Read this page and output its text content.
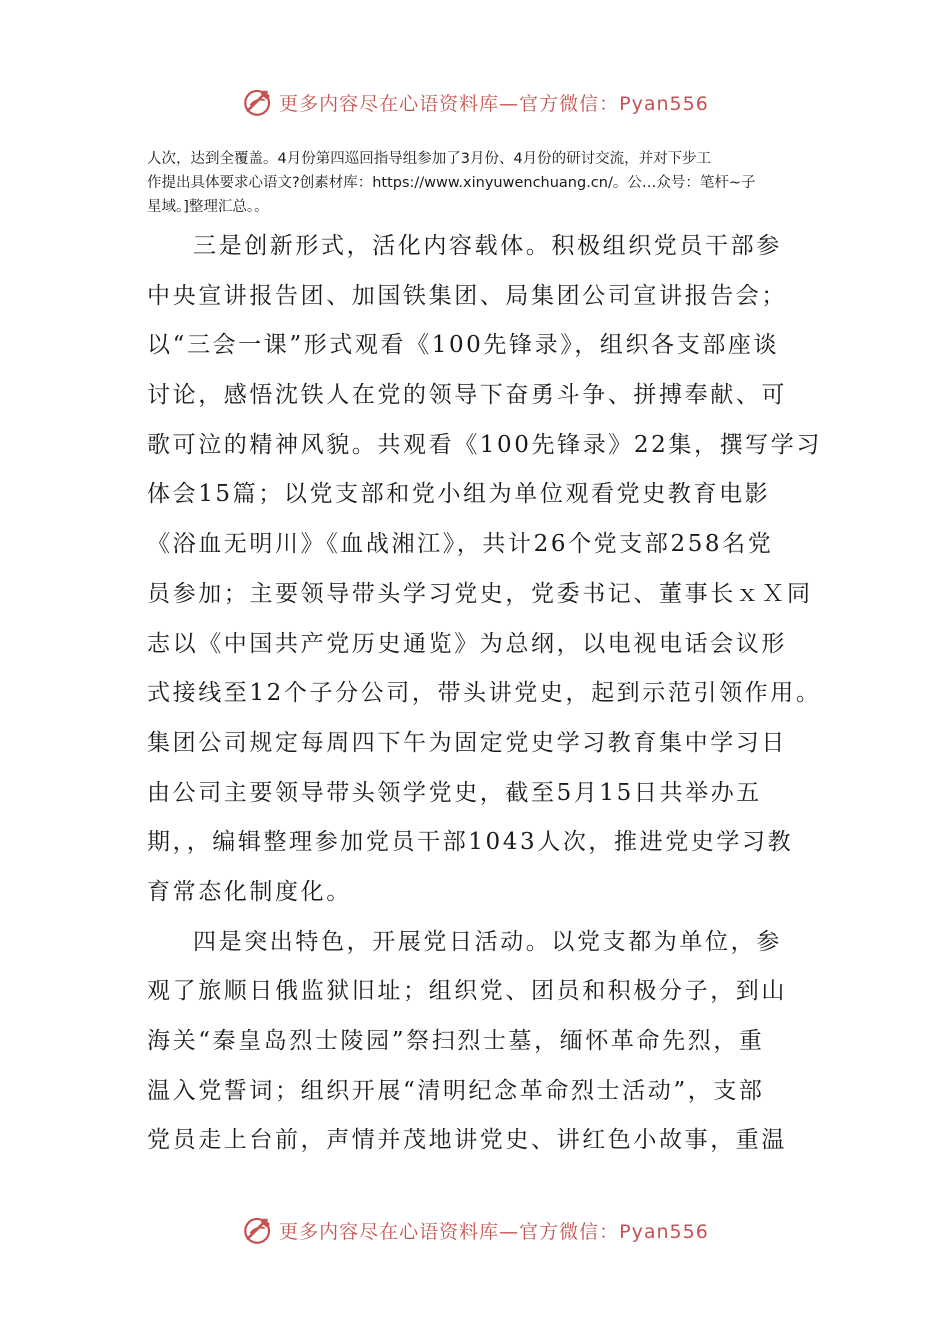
更多内容尽在心语资料库—官方微信：Pyan556
人次，达到全覆盖。4月份第四巡回指导组参加了3月份、4月份的研讨交流，并对下步工
作提出具体要求心语文?创素材库：https://www.xinyuwenchuang.cn/。公…众号：笔杆~子
星域。]整理汇总。。
三是创新形式，活化内容载体。积极组织党员干部参
中央宣讲报告团、加国铁集团、局集团公司宣讲报告会；
以“三会一课”形式观看《100先锋录》，组织各支部座谈
讨论，感悟沈铁人在党的领导下奋勇斗争、拼搏奉献、可
歌可泣的精神风貌。共观看《100先锋录》22集，撰写学习
体会15篇；以党支部和党小组为单位观看党史教育电影
《浴血无明川》《血战湘江》，共计26个党支部258名党
员参加；主要领导带头学习党史，党委书记、董事长ｘＸ同
志以《中国共产党历史通览》为总纲，以电视电话会议形
式接线至12个子分公司，带头讲党史，起到示范引领作用。
集团公司规定每周四下午为固定党史学习教育集中学习日
由公司主要领导带头领学党史，截至5月15日共举办五
期，，编辑整理参加党员干部1043人次，推进党史学习教
育常态化制度化。
四是突出特色，开展党日活动。以党支都为单位，参
观了旅顺日俄监狱旧址；组织党、团员和积极分子，到山
海关“秦皇岛烈士陵园”祭扫烈士墓，缅怀革命先烈，重
温入党誓词；组织开展“清明纪念革命烈士活动”，支部
党员走上台前，声情并茂地讲党史、讲红色小故事，重温
更多内容尽在心语资料库—官方微信：Pyan556
